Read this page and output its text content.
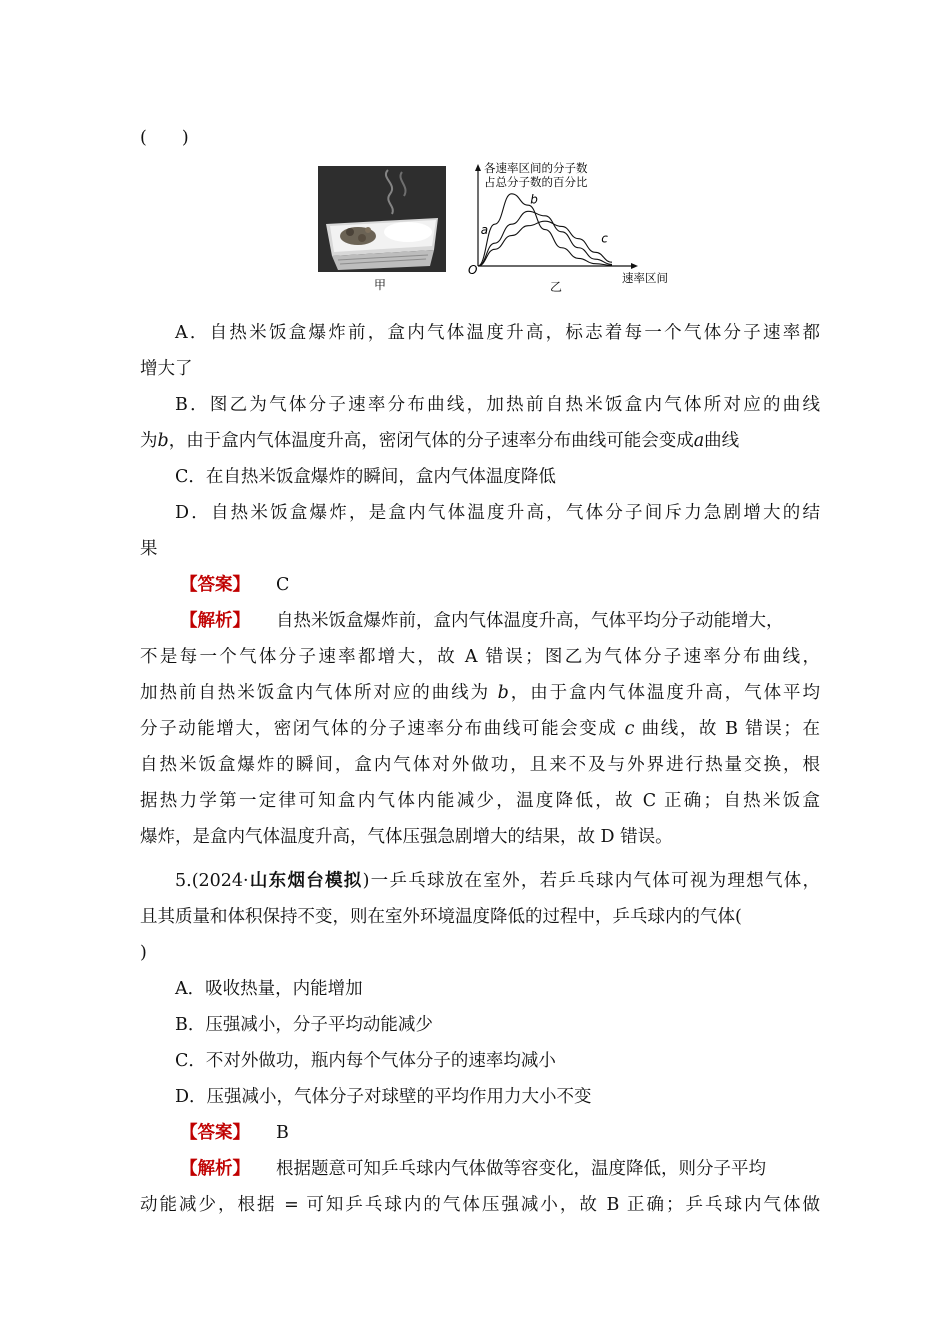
(　　)
甲
各速率区间的分子数
占总分子数的百分比
O
速率区间
a
b
c
乙
A．自热米饭盒爆炸前，盒内气体温度升高，标志着每一个气体分子速率都
增大了
B．图乙为气体分子速率分布曲线，加热前自热米饭盒内气体所对应的曲线
为b，由于盒内气体温度升高，密闭气体的分子速率分布曲线可能会变成a曲线
C．在自热米饭盒爆炸的瞬间，盒内气体温度降低
D．自热米饭盒爆炸，是盒内气体温度升高，气体分子间斥力急剧增大的结
果
【答案】 C
【解析】 自热米饭盒爆炸前，盒内气体温度升高，气体平均分子动能增大，
不是每一个气体分子速率都增大，故 A 错误；图乙为气体分子速率分布曲线，
加热前自热米饭盒内气体所对应的曲线为 b，由于盒内气体温度升高，气体平均
分子动能增大，密闭气体的分子速率分布曲线可能会变成 c 曲线，故 B 错误；在
自热米饭盒爆炸的瞬间，盒内气体对外做功，且来不及与外界进行热量交换，根
据热力学第一定律可知盒内气体内能减少，温度降低，故 C 正确；自热米饭盒
爆炸，是盒内气体温度升高，气体压强急剧增大的结果，故 D 错误。
5.(2024·山东烟台模拟)一乒乓球放在室外，若乒乓球内气体可视为理想气体，
且其质量和体积保持不变，则在室外环境温度降低的过程中，乒乓球内的气体(
)
A．吸收热量，内能增加
B．压强减小，分子平均动能减少
C．不对外做功，瓶内每个气体分子的速率均减小
D．压强减小，气体分子对球壁的平均作用力大小不变
【答案】 B
【解析】 根据题意可知乒乓球内气体做等容变化，温度降低，则分子平均
动能减少，根据 = 可知乒乓球内的气体压强减小，故 B 正确；乒乓球内气体做
